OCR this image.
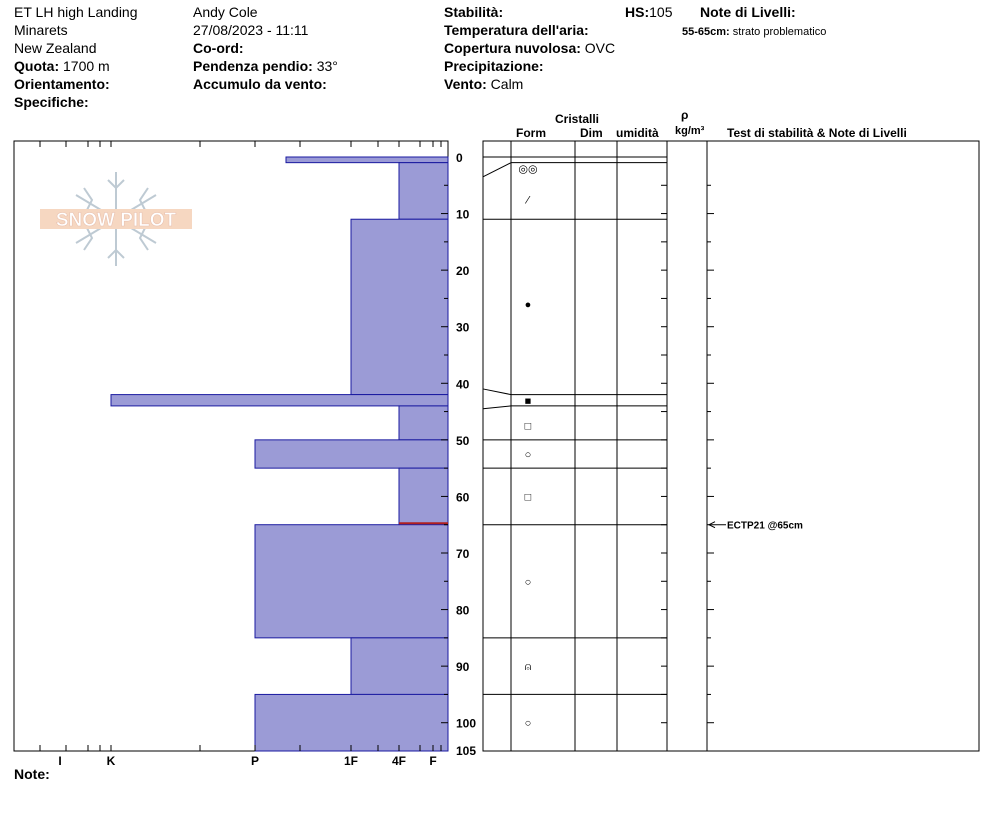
ET LH high Landing
Minarets
New Zealand
Quota: 1700 m
Orientamento:
Specifiche:
Andy Cole
27/08/2023 - 11:11
Co-ord:
Pendenza pendio: 33°
Accumulo da vento:
Stabilità:
Temperatura dell'aria:
Copertura nuvolosa: OVC
Precipitazione:
Vento: Calm
HS:105 Note di Livelli:
55-65cm: strato problematico
Cristalli
Form	Dim umidità
ρ
kg/m³ Test di stabilità & Note di Livelli
Note:
SNOW PILOT
I	K	P	1F	4F F
0
10
20
30
40
50
60
70
80
90
100
105
◎◎
⁄
●
■
□
○
□
○
⍝
○
ECTP21 @65cm
